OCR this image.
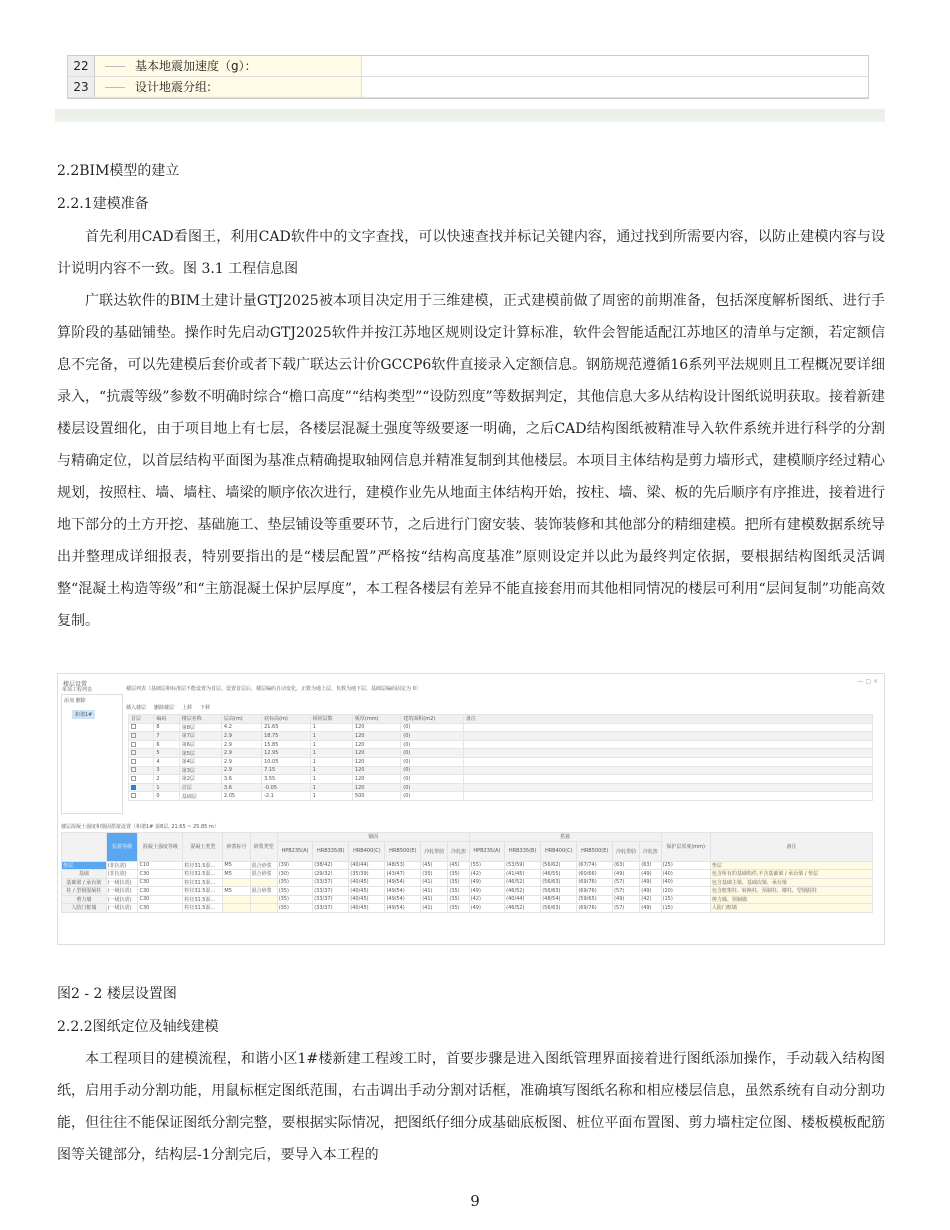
22	基本地震加速度（g）：
23	设计地震分组:
2.2BIM模型的建立
2.2.1建模准备
首先利用CAD看图王，利用CAD软件中的文字查找，可以快速查找并标记关键内容，通过找到所需要内容，以防止建模内容与设计说明内容不一致。图 3.1 工程信息图
广联达软件的BIM土建计量GTJ2025被本项目决定用于三维建模，正式建模前做了周密的前期准备，包括深度解析图纸、进行手算阶段的基础铺垫。操作时先启动GTJ2025软件并按江苏地区规则设定计算标准，软件会智能适配江苏地区的清单与定额，若定额信息不完备，可以先建模后套价或者下载广联达云计价GCCP6软件直接录入定额信息。钢筋规范遵循16系列平法规则且工程概况要详细录入，“抗震等级”参数不明确时综合“檐口高度”“结构类型”“设防烈度”等数据判定，其他信息大多从结构设计图纸说明获取。接着新建楼层设置细化，由于项目地上有七层，各楼层混凝土强度等级要逐一明确，之后CAD结构图纸被精准导入软件系统并进行科学的分割与精确定位，以首层结构平面图为基准点精确提取轴网信息并精准复制到其他楼层。本项目主体结构是剪力墙形式，建模顺序经过精心规划，按照柱、墙、墙柱、墙梁的顺序依次进行，建模作业先从地面主体结构开始，按柱、墙、梁、板的先后顺序有序推进，接着进行地下部分的土方开挖、基础施工、垫层铺设等重要环节，之后进行门窗安装、装饰装修和其他部分的精细建模。把所有建模数据系统导出并整理成详细报表，特别要指出的是“楼层配置”严格按“结构高度基准”原则设定并以此为最终判定依据，要根据结构图纸灵活调整“混凝土构造等级”和“主筋混凝土保护层厚度”，本工程各楼层有差异不能直接套用而其他相同情况的楼层可利用“层间复制”功能高效复制。
楼层设置	— □ ×
单项工程列表
添加 删除
和谐1#
楼层列表（基础层和标准层不能设置为首层。设置首层后，楼层编码自动变化，正数为地上层，负数为地下层，基础层编码固定为 0）
插入楼层 删除楼层 上移 下移
首层	编码	楼层名称	层高(m)	底标高(m)	相同层数	板厚(mm)	建筑面积(m2)	备注
	8	第8层	4.2	21.65	1	120	(0)	
	7	第7层	2.9	18.75	1	120	(0)	
	6	第6层	2.9	15.85	1	120	(0)	
	5	第5层	2.9	12.95	1	120	(0)	
	4	第4层	2.9	10.05	1	120	(0)	
	3	第3层	2.9	7.15	1	120	(0)	
	2	第2层	3.6	3.55	1	120	(0)	
	1	首层	3.6	-0.05	1	120	(0)	
	0	基础层	2.05	-2.1	1	500	(0)	
楼层混凝土强度和锚固搭接设置（和谐1# 第8层, 21.65 ~ 25.85 m）
	抗震等级	混凝土强度等级	混凝土类型	砂浆标号	砂浆类型	锚固						搭接						保护层厚度(mm)	备注
						HPB235(A)	HRB335(B)	HRB400(C)	HRB500(E)	冷轧带肋	冷轧扭	HPB235(A)	HRB335(B)	HRB400(C)	HRB500(E)	冷轧带肋	冷轧扭		
垫层	(非抗震)	C10	粒径31.5混...	M5	混合砂浆	(39)	(38/42)	(40/44)	(48/53)	(45)	(45)	(55)	(53/59)	(56/62)	(67/74)	(63)	(63)	(25)	垫层
基础	(非抗震)	C30	粒径31.5混...	M5	混合砂浆	(30)	(29/32)	(35/39)	(43/47)	(35)	(35)	(42)	(41/45)	(46/55)	(60/66)	(49)	(49)	(40)	包含所有的基础构件,不含基础梁 / 承台梁 / 垫层
基础梁 / 承台梁	(一级抗震)	C30	粒径31.5混...			(35)	(33/37)	(40/45)	(49/54)	(41)	(35)	(49)	(46/52)	(56/63)	(69/76)	(57)	(49)	(40)	包含基础主梁、基础次梁、承台梁
柱 / 型钢混凝柱	(一级抗震)	C30	粒径31.5混...	M5	混合砂浆	(35)	(33/37)	(40/45)	(49/54)	(41)	(35)	(49)	(46/52)	(56/63)	(69/76)	(57)	(49)	(20)	包含框架柱、转换柱、预制柱、楼柱、型钢混柱
剪力墙	(一级抗震)	C30	粒径31.5混...			(35)	(33/37)	(40/45)	(49/54)	(41)	(35)	(42)	(40/44)	(48/54)	(59/65)	(49)	(42)	(15)	剪力墙、预制墙
人防门框墙	(一级抗震)	C30	粒径31.5混...			(35)	(33/37)	(40/45)	(49/54)	(41)	(35)	(49)	(46/52)	(56/63)	(69/76)	(57)	(49)	(15)	人防门框墙
图2 - 2 楼层设置图
2.2.2图纸定位及轴线建模
本工程项目的建模流程，和谐小区1#楼新建工程竣工时，首要步骤是进入图纸管理界面接着进行图纸添加操作，手动载入结构图纸，启用手动分割功能，用鼠标框定图纸范围，右击调出手动分割对话框，准确填写图纸名称和相应楼层信息，虽然系统有自动分割功能，但往往不能保证图纸分割完整，要根据实际情况，把图纸仔细分成基础底板图、桩位平面布置图、剪力墙柱定位图、楼板模板配筋图等关键部分，结构层-1分割完后，要导入本工程的
9
